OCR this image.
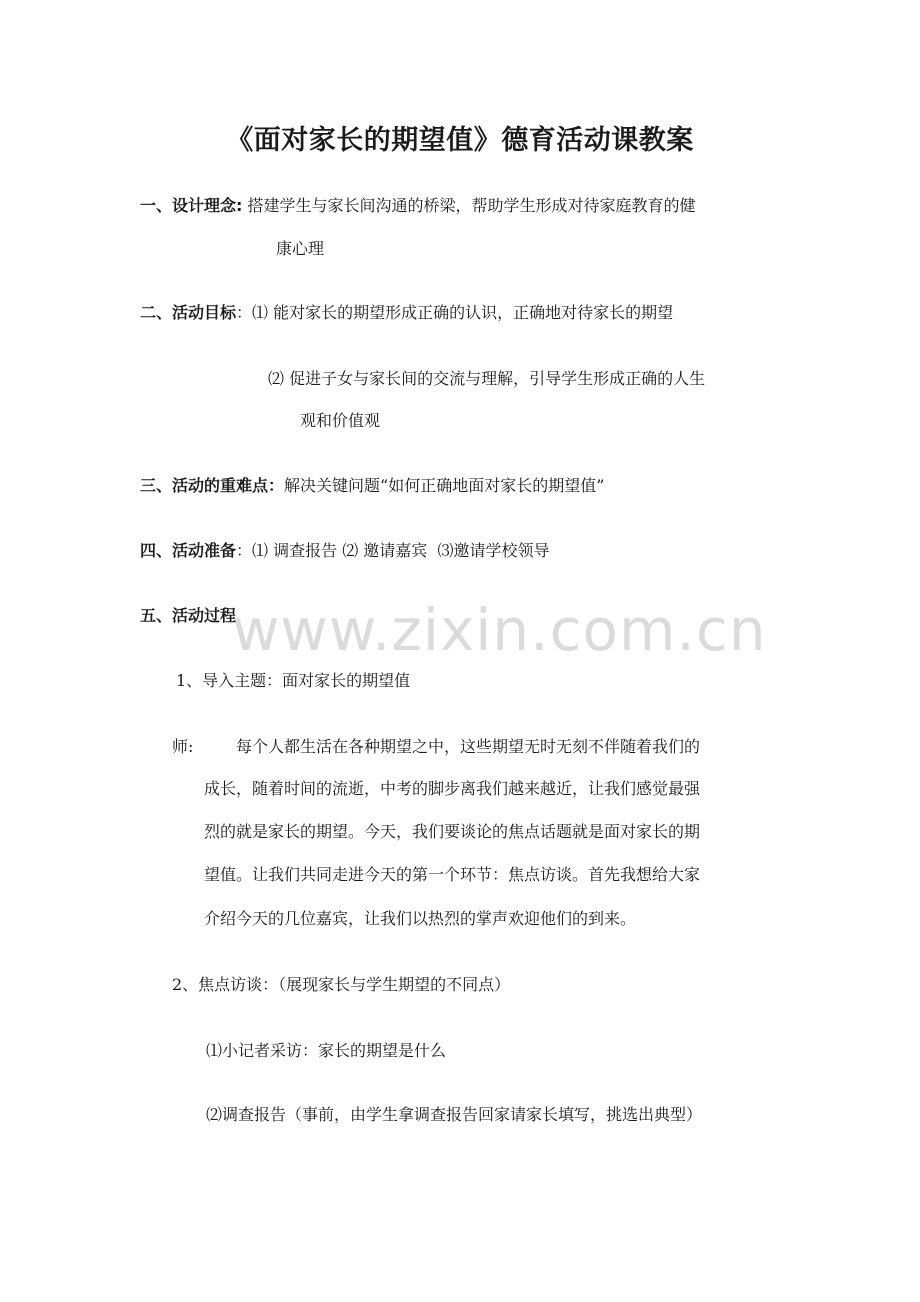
《面对家长的期望值》德育活动课教案
一、设计理念: 搭建学生与家长间沟通的桥梁，帮助学生形成对待家庭教育的健
康心理
二、活动目标：⑴ 能对家长的期望形成正确的认识，正确地对待家长的期望
⑵ 促进子女与家长间的交流与理解，引导学生形成正确的人生
观和价值观
三、活动的重难点：解决关键问题“如何正确地面对家长的期望值”
四、活动准备：⑴ 调查报告 ⑵ 邀请嘉宾  ⑶邀请学校领导
五、活动过程
1、导入主题：面对家长的期望值
师:	每个人都生活在各种期望之中，这些期望无时无刻不伴随着我们的
成长，随着时间的流逝，中考的脚步离我们越来越近，让我们感觉最强
烈的就是家长的期望。今天，我们要谈论的焦点话题就是面对家长的期
望值。让我们共同走进今天的第一个环节：焦点访谈。首先我想给大家
介绍今天的几位嘉宾，让我们以热烈的掌声欢迎他们的到来。
2、焦点访谈：（展现家长与学生期望的不同点）
⑴小记者采访：家长的期望是什么
⑵调查报告（事前，由学生拿调查报告回家请家长填写，挑选出典型）
www.zixin.com.cn
